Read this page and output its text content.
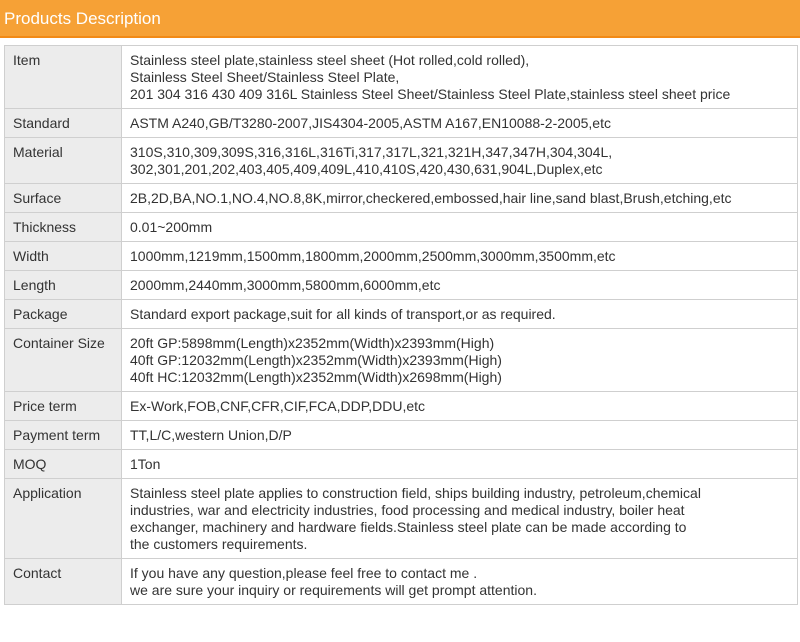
Products Description
Item	Stainless steel plate,stainless steel sheet (Hot rolled,cold rolled),
Stainless Steel Sheet/Stainless Steel Plate,
201 304 316 430 409 316L Stainless Steel Sheet/Stainless Steel Plate,stainless steel sheet price

Standard	ASTM A240,GB/T3280-2007,JIS4304-2005,ASTM A167,EN10088-2-2005,etc

Material	310S,310,309,309S,316,316L,316Ti,317,317L,321,321H,347,347H,304,304L,
302,301,201,202,403,405,409,409L,410,410S,420,430,631,904L,Duplex,etc

Surface	2B,2D,BA,NO.1,NO.4,NO.8,8K,mirror,checkered,embossed,hair line,sand blast,Brush,etching,etc

Thickness	0.01~200mm

Width	1000mm,1219mm,1500mm,1800mm,2000mm,2500mm,3000mm,3500mm,etc

Length	2000mm,2440mm,3000mm,5800mm,6000mm,etc

Package	Standard export package,suit for all kinds of transport,or as required.

Container Size	20ft GP:5898mm(Length)x2352mm(Width)x2393mm(High)
40ft GP:12032mm(Length)x2352mm(Width)x2393mm(High)
40ft HC:12032mm(Length)x2352mm(Width)x2698mm(High)

Price term	Ex-Work,FOB,CNF,CFR,CIF,FCA,DDP,DDU,etc

Payment term	TT,L/C,western Union,D/P

MOQ	1Ton

Application	Stainless steel plate applies to construction field, ships building industry, petroleum,chemical
industries, war and electricity industries, food processing and medical industry, boiler heat
exchanger, machinery and hardware fields.Stainless steel plate can be made according to
the customers requirements.

Contact	If you have any question,please feel free to contact me .
we are sure your inquiry or requirements will get prompt attention.
